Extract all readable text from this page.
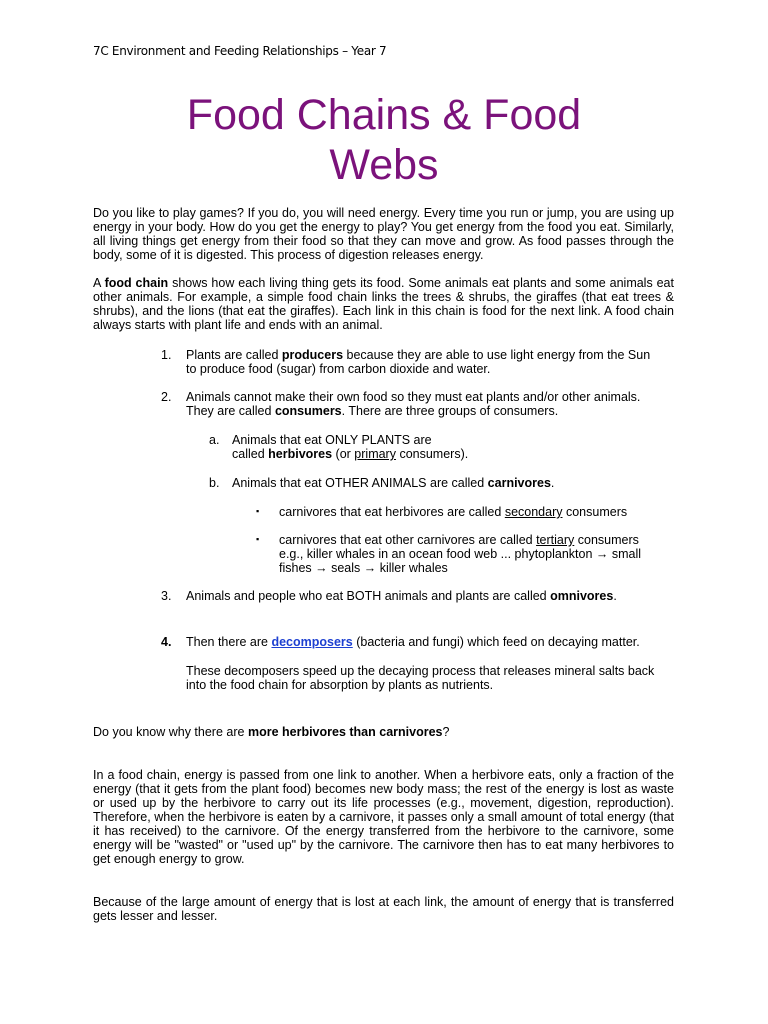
7C Environment and Feeding Relationships – Year 7
Food Chains & Food
Webs
Do you like to play games? If you do, you will need energy. Every time you run or jump, you are using up energy in your body. How do you get the energy to play? You get energy from the food you eat. Similarly, all living things get energy from their food so that they can move and grow. As food passes through the body, some of it is digested. This process of digestion releases energy.
A food chain shows how each living thing gets its food. Some animals eat plants and some animals eat other animals. For example, a simple food chain links the trees & shrubs, the giraffes (that eat trees & shrubs), and the lions (that eat the giraffes). Each link in this chain is food for the next link. A food chain always starts with plant life and ends with an animal.
1. Plants are called producers because they are able to use light energy from the Sun
to produce food (sugar) from carbon dioxide and water.
2. Animals cannot make their own food so they must eat plants and/or other animals.
They are called consumers. There are three groups of consumers.
a. Animals that eat ONLY PLANTS are
called herbivores (or primary consumers).
b. Animals that eat OTHER ANIMALS are called carnivores.
▪ carnivores that eat herbivores are called secondary consumers
▪ carnivores that eat other carnivores are called tertiary consumers
e.g., killer whales in an ocean food web ... phytoplankton → small
fishes → seals → killer whales
3. Animals and people who eat BOTH animals and plants are called omnivores.
4. Then there are decomposers (bacteria and fungi) which feed on decaying matter.
These decomposers speed up the decaying process that releases mineral salts back
into the food chain for absorption by plants as nutrients.
Do you know why there are more herbivores than carnivores?
In a food chain, energy is passed from one link to another. When a herbivore eats, only a fraction of the energy (that it gets from the plant food) becomes new body mass; the rest of the energy is lost as waste or used up by the herbivore to carry out its life processes (e.g., movement, digestion, reproduction). Therefore, when the herbivore is eaten by a carnivore, it passes only a small amount of total energy (that it has received) to the carnivore. Of the energy transferred from the herbivore to the carnivore, some energy will be "wasted" or "used up" by the carnivore. The carnivore then has to eat many herbivores to get enough energy to grow.
Because of the large amount of energy that is lost at each link, the amount of energy that is transferred gets lesser and lesser.
